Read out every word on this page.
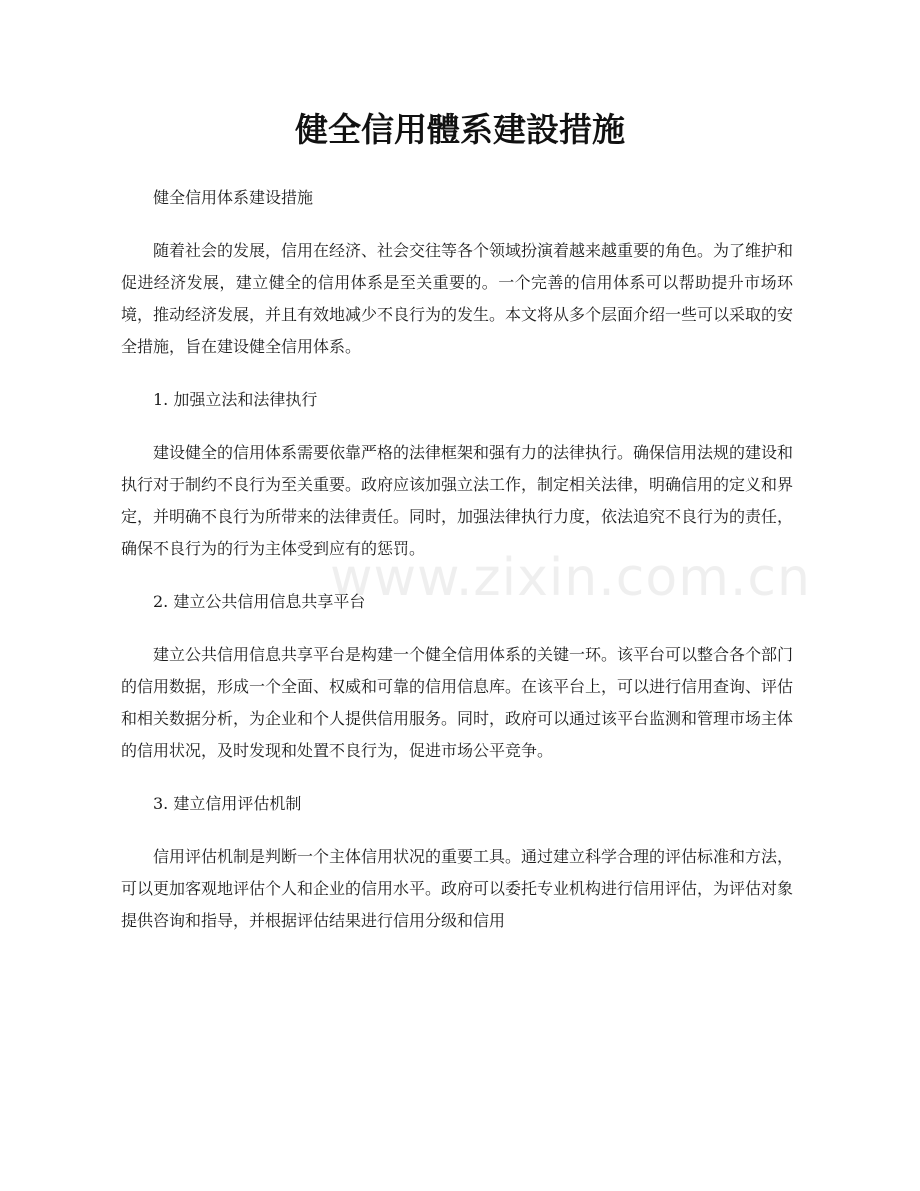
健全信用體系建設措施

健全信用体系建设措施

随着社会的发展，信用在经济、社会交往等各个领域扮演着越来越重要的角色。为了维护和促进经济发展，建立健全的信用体系是至关重要的。一个完善的信用体系可以帮助提升市场环境，推动经济发展，并且有效地减少不良行为的发生。本文将从多个层面介绍一些可以采取的安全措施，旨在建设健全信用体系。

1. 加强立法和法律执行

建设健全的信用体系需要依靠严格的法律框架和强有力的法律执行。确保信用法规的建设和执行对于制约不良行为至关重要。政府应该加强立法工作，制定相关法律，明确信用的定义和界定，并明确不良行为所带来的法律责任。同时，加强法律执行力度，依法追究不良行为的责任，确保不良行为的行为主体受到应有的惩罚。

2. 建立公共信用信息共享平台

建立公共信用信息共享平台是构建一个健全信用体系的关键一环。该平台可以整合各个部门的信用数据，形成一个全面、权威和可靠的信用信息库。在该平台上，可以进行信用查询、评估和相关数据分析，为企业和个人提供信用服务。同时，政府可以通过该平台监测和管理市场主体的信用状况，及时发现和处置不良行为，促进市场公平竞争。

3. 建立信用评估机制

信用评估机制是判断一个主体信用状况的重要工具。通过建立科学合理的评估标准和方法，可以更加客观地评估个人和企业的信用水平。政府可以委托专业机构进行信用评估，为评估对象提供咨询和指导，并根据评估结果进行信用分级和信用

www.zixin.com.cn
